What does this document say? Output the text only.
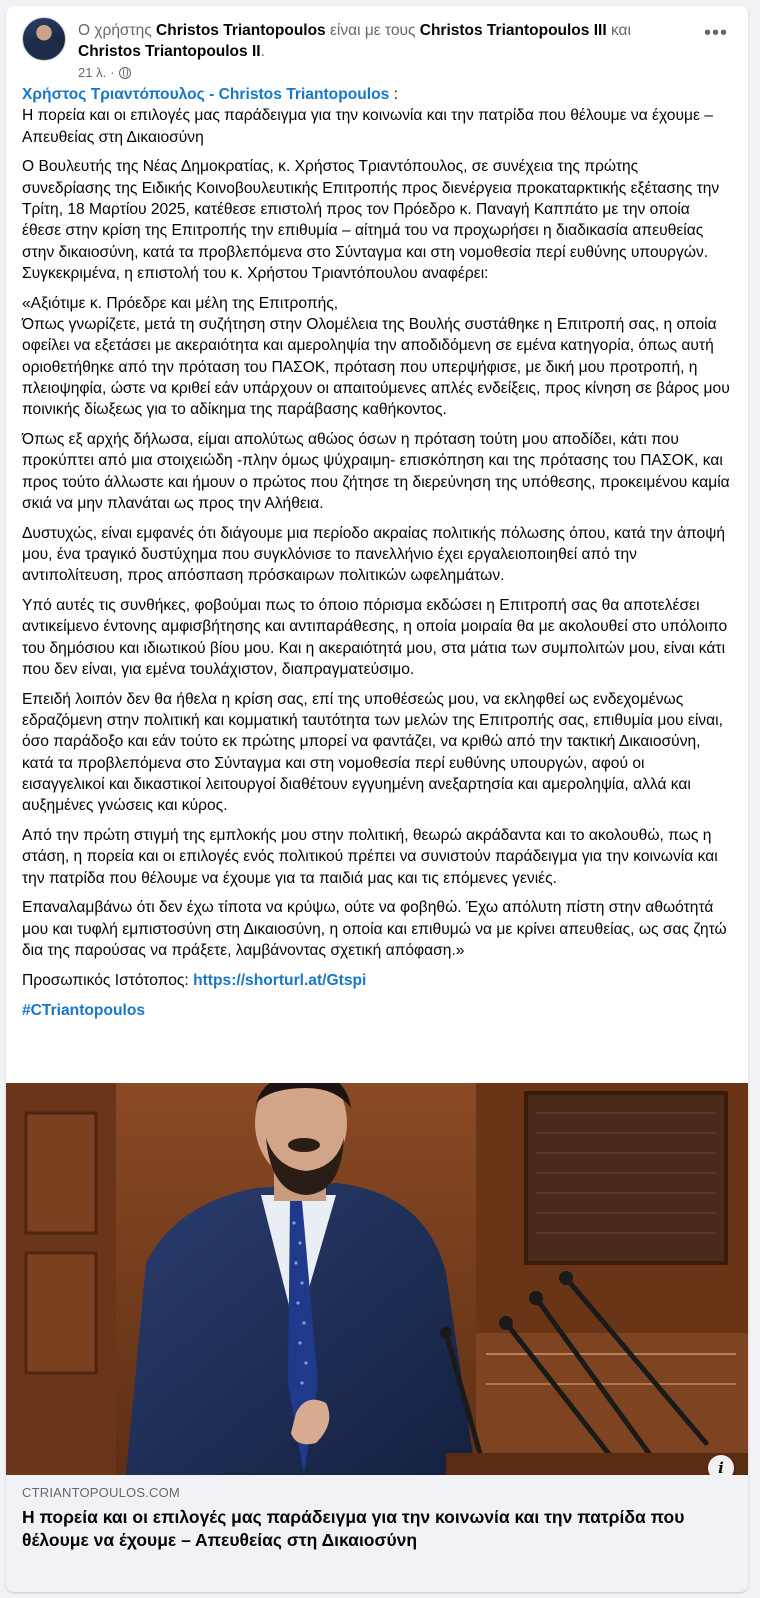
Ο χρήστης Christos Triantopoulos είναι με τους Christos Triantopoulos III και Christos Triantopoulos II.
21 λ. ·
•••

Χρήστος Τριαντόπουλος - Christos Triantopoulos :

Η πορεία και οι επιλογές μας παράδειγμα για την κοινωνία και την πατρίδα που θέλουμε να έχουμε – Απευθείας στη Δικαιοσύνη

Ο Βουλευτής της Νέας Δημοκρατίας, κ. Χρήστος Τριαντόπουλος, σε συνέχεια της πρώτης συνεδρίασης της Ειδικής Κοινοβουλευτικής Επιτροπής προς διενέργεια προκαταρκτικής εξέτασης την Τρίτη, 18 Μαρτίου 2025, κατέθεσε επιστολή προς τον Πρόεδρο κ. Παναγή Καππάτο με την οποία έθεσε στην κρίση της Επιτροπής την επιθυμία – αίτημά του να προχωρήσει η διαδικασία απευθείας στην δικαιοσύνη, κατά τα προβλεπόμενα στο Σύνταγμα και στη νομοθεσία περί ευθύνης υπουργών. Συγκεκριμένα, η επιστολή του κ. Χρήστου Τριαντόπουλου αναφέρει:

«Αξιότιμε κ. Πρόεδρε και μέλη της Επιτροπής,
Όπως γνωρίζετε, μετά τη συζήτηση στην Ολομέλεια της Βουλής συστάθηκε η Επιτροπή σας, η οποία οφείλει να εξετάσει με ακεραιότητα και αμεροληψία την αποδιδόμενη σε εμένα κατηγορία, όπως αυτή οριοθετήθηκε από την πρόταση του ΠΑΣΟΚ, πρόταση που υπερψήφισε, με δική μου προτροπή, η πλειοψηφία, ώστε να κριθεί εάν υπάρχουν οι απαιτούμενες απλές ενδείξεις, προς κίνηση σε βάρος μου ποινικής δίωξεως για το αδίκημα της παράβασης καθήκοντος.

Όπως εξ αρχής δήλωσα, είμαι απολύτως αθώος όσων η πρόταση τούτη μου αποδίδει, κάτι που προκύπτει από μια στοιχειώδη -πλην όμως ψύχραιμη- επισκόπηση και της πρότασης του ΠΑΣΟΚ, και προς τούτο άλλωστε και ήμουν ο πρώτος που ζήτησε τη διερεύνηση της υπόθεσης, προκειμένου καμία σκιά να μην πλανάται ως προς την Αλήθεια.

Δυστυχώς, είναι εμφανές ότι διάγουμε μια περίοδο ακραίας πολιτικής πόλωσης όπου, κατά την άποψή μου, ένα τραγικό δυστύχημα που συγκλόνισε το πανελλήνιο έχει εργαλειοποιηθεί από την αντιπολίτευση, προς απόσπαση πρόσκαιρων πολιτικών ωφελημάτων.

Υπό αυτές τις συνθήκες, φοβούμαι πως το όποιο πόρισμα εκδώσει η Επιτροπή σας θα αποτελέσει αντικείμενο έντονης αμφισβήτησης και αντιπαράθεσης, η οποία μοιραία θα με ακολουθεί στο υπόλοιπο του δημόσιου και ιδιωτικού βίου μου. Και η ακεραιότητά μου, στα μάτια των συμπολιτών μου, είναι κάτι που δεν είναι, για εμένα τουλάχιστον, διαπραγματεύσιμο.

Επειδή λοιπόν δεν θα ήθελα η κρίση σας, επί της υποθέσεώς μου, να εκληφθεί ως ενδεχομένως εδραζόμενη στην πολιτική και κομματική ταυτότητα των μελών της Επιτροπής σας, επιθυμία μου είναι, όσο παράδοξο και εάν τούτο εκ πρώτης μπορεί να φαντάζει, να κριθώ από την τακτική Δικαιοσύνη, κατά τα προβλεπόμενα στο Σύνταγμα και στη νομοθεσία περί ευθύνης υπουργών, αφού οι εισαγγελικοί και δικαστικοί λειτουργοί διαθέτουν εγγυημένη ανεξαρτησία και αμεροληψία, αλλά και αυξημένες γνώσεις και κύρος.

Από την πρώτη στιγμή της εμπλοκής μου στην πολιτική, θεωρώ ακράδαντα και το ακολουθώ, πως η στάση, η πορεία και οι επιλογές ενός πολιτικού πρέπει να συνιστούν παράδειγμα για την κοινωνία και την πατρίδα που θέλουμε να έχουμε για τα παιδιά μας και τις επόμενες γενιές.

Επαναλαμβάνω ότι δεν έχω τίποτα να κρύψω, ούτε να φοβηθώ. Έχω απόλυτη πίστη στην αθωότητά μου και τυφλή εμπιστοσύνη στη Δικαιοσύνη, η οποία και επιθυμώ να με κρίνει απευθείας, ως σας ζητώ δια της παρούσας να πράξετε, λαμβάνοντας σχετική απόφαση.»

Προσωπικός Ιστότοπος: https://shorturl.at/Gtspi

#CTriantopoulos

i
CTRIANTOPOULOS.COM
Η πορεία και οι επιλογές μας παράδειγμα για την κοινωνία και την πατρίδα που θέλουμε να έχουμε – Απευθείας στη Δικαιοσύνη
